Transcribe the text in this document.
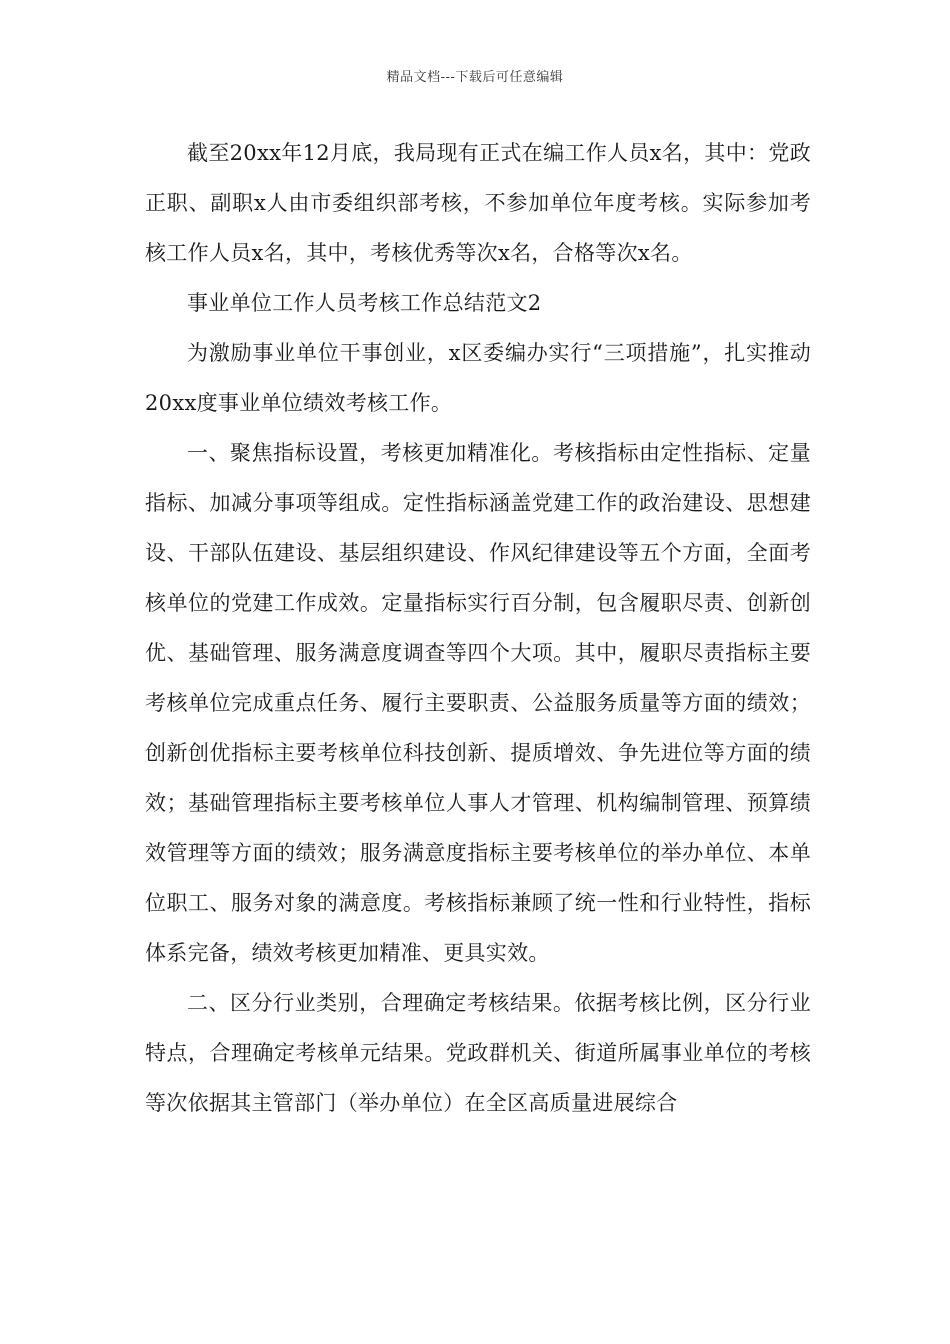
精品文档---下载后可任意编辑

截至20xx年12月底，我局现有正式在编工作人员x名，其中：党政正职、副职x人由市委组织部考核，不参加单位年度考核。实际参加考核工作人员x名，其中，考核优秀等次x名，合格等次x名。

事业单位工作人员考核工作总结范文2

为激励事业单位干事创业，x区委编办实行“三项措施”，扎实推动20xx度事业单位绩效考核工作。

一、聚焦指标设置，考核更加精准化。考核指标由定性指标、定量指标、加减分事项等组成。定性指标涵盖党建工作的政治建设、思想建设、干部队伍建设、基层组织建设、作风纪律建设等五个方面，全面考核单位的党建工作成效。定量指标实行百分制，包含履职尽责、创新创优、基础管理、服务满意度调查等四个大项。其中，履职尽责指标主要考核单位完成重点任务、履行主要职责、公益服务质量等方面的绩效；创新创优指标主要考核单位科技创新、提质增效、争先进位等方面的绩效；基础管理指标主要考核单位人事人才管理、机构编制管理、预算绩效管理等方面的绩效；服务满意度指标主要考核单位的举办单位、本单位职工、服务对象的满意度。考核指标兼顾了统一性和行业特性，指标体系完备，绩效考核更加精准、更具实效。

二、区分行业类别，合理确定考核结果。依据考核比例，区分行业特点，合理确定考核单元结果。党政群机关、街道所属事业单位的考核等次依据其主管部门（举办单位）在全区高质量进展综合
